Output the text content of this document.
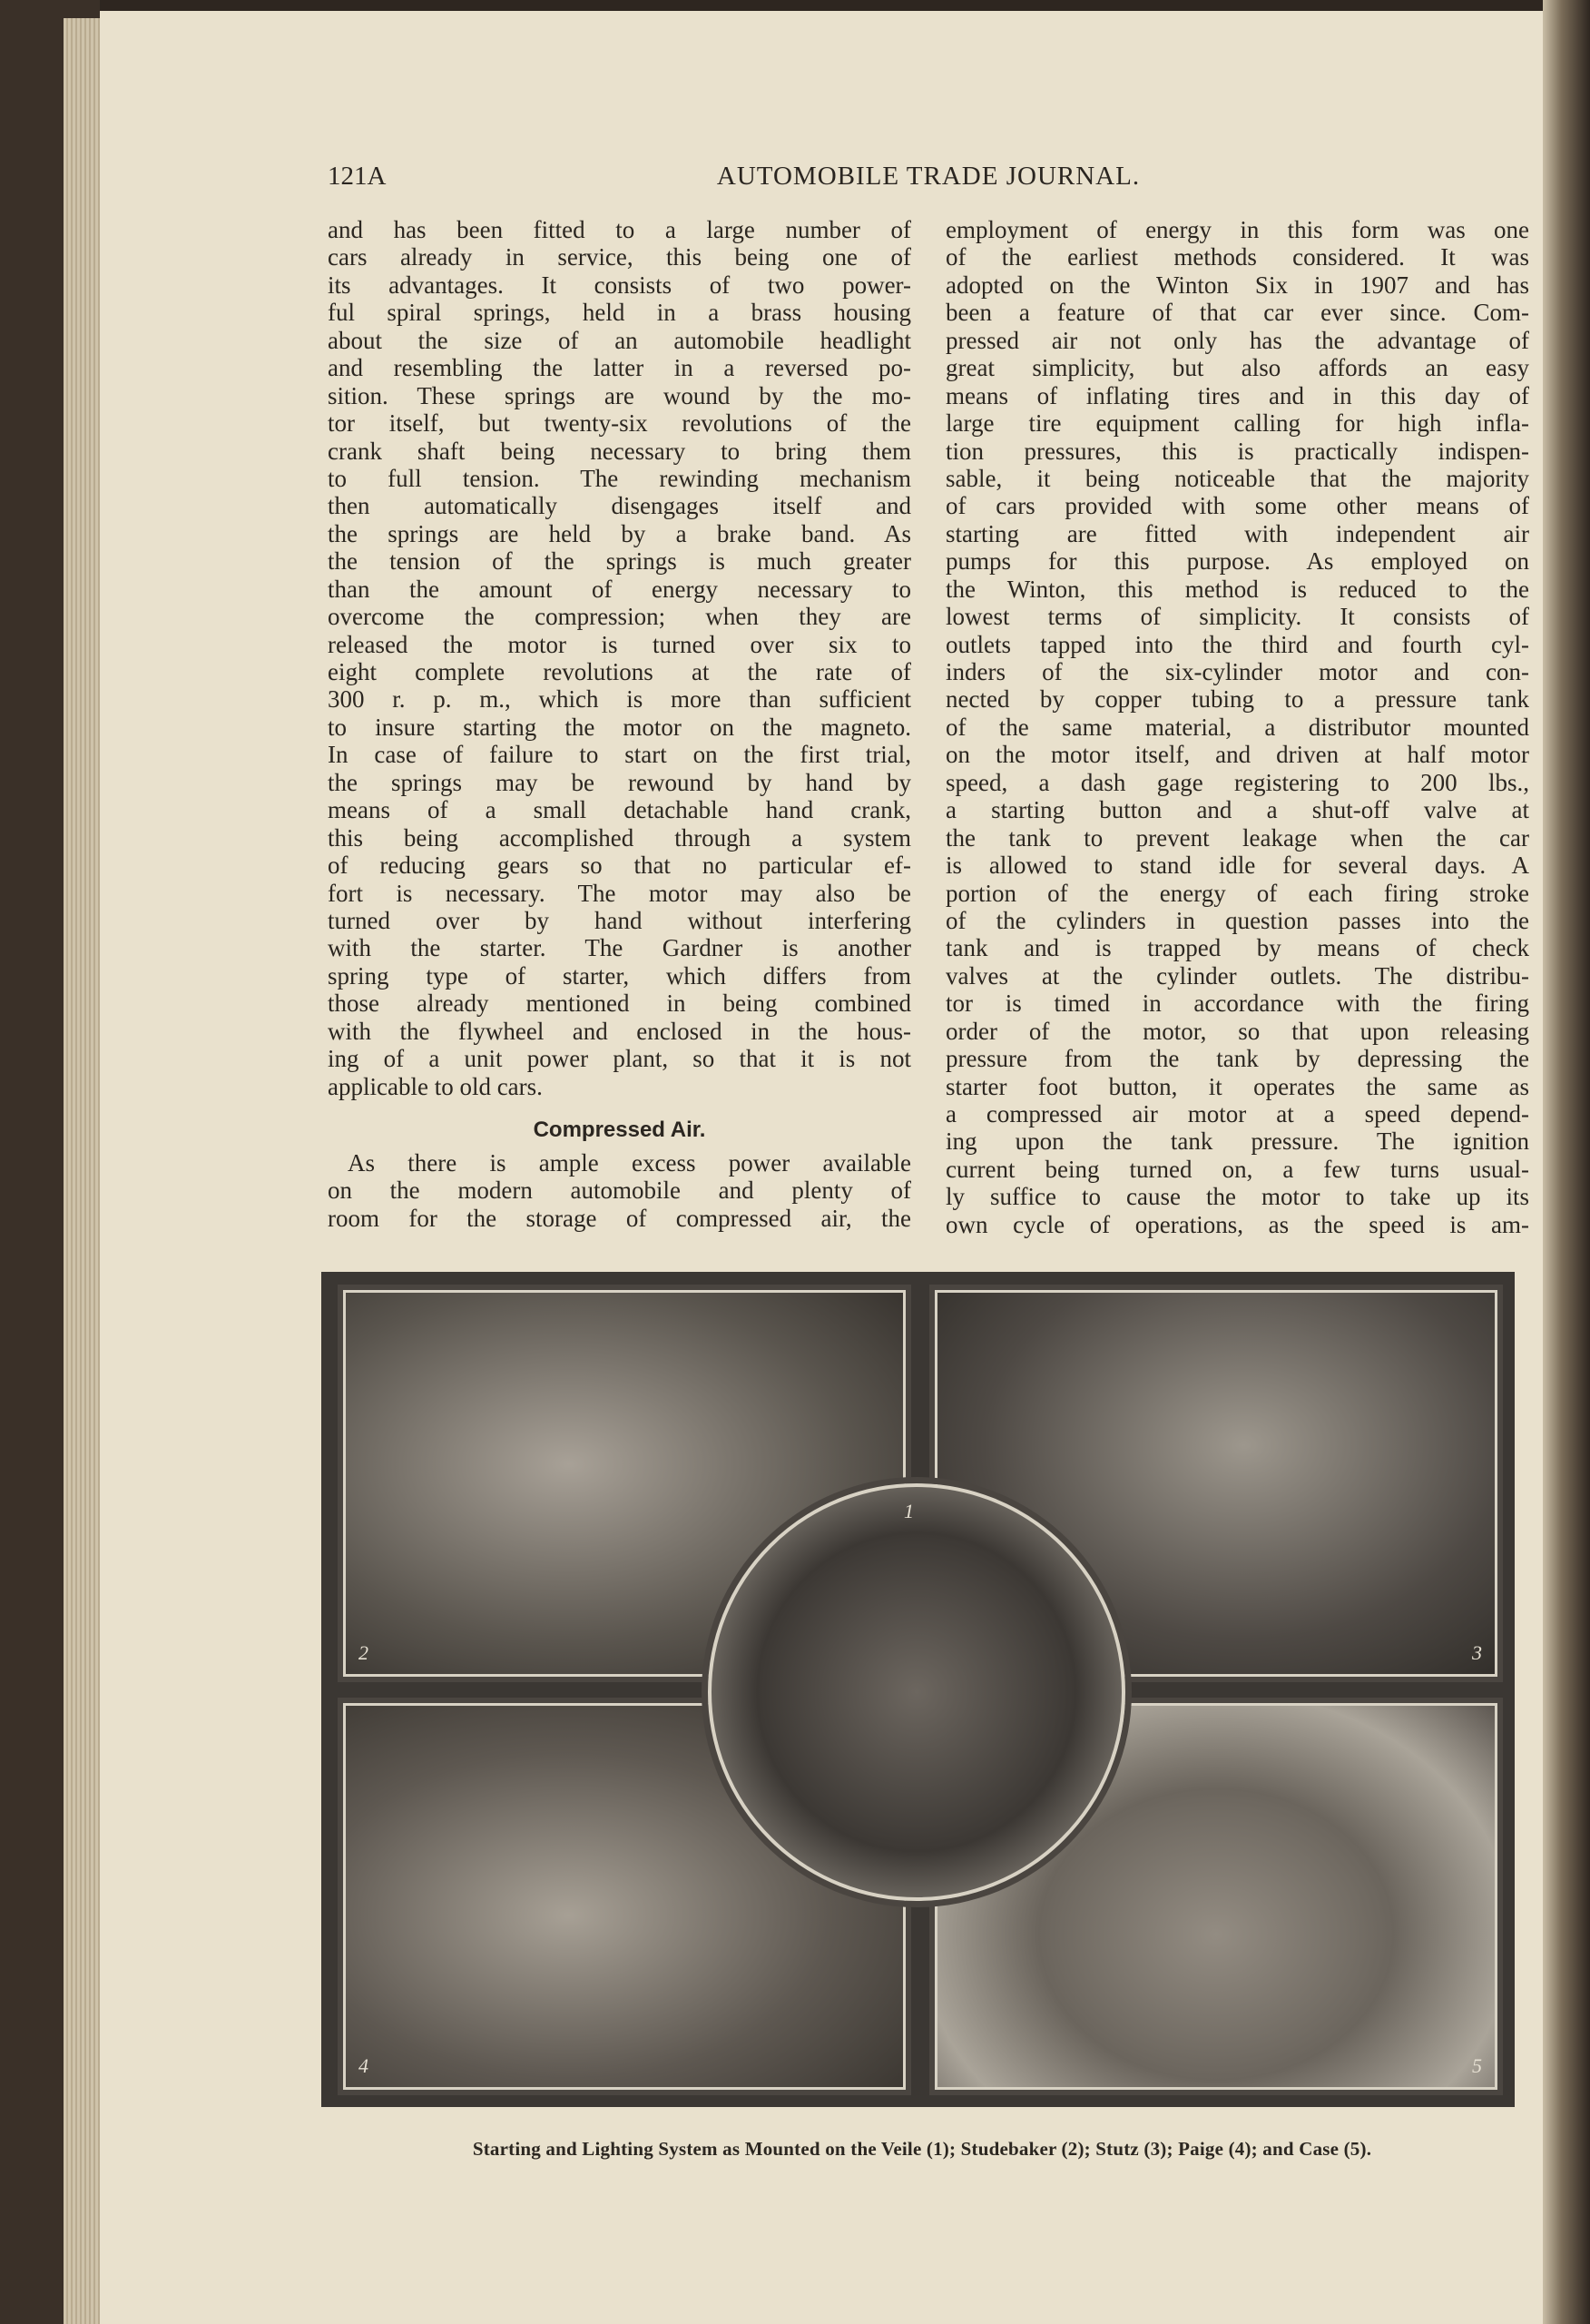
121A	AUTOMOBILE TRADE JOURNAL.
and has been fitted to a large number of
cars already in service, this being one of
its advantages. It consists of two power-
ful spiral springs, held in a brass housing
about the size of an automobile headlight
and resembling the latter in a reversed po-
sition. These springs are wound by the mo-
tor itself, but twenty-six revolutions of the
crank shaft being necessary to bring them
to full tension. The rewinding mechanism
then automatically disengages itself and
the springs are held by a brake band. As
the tension of the springs is much greater
than the amount of energy necessary to
overcome the compression; when they are
released the motor is turned over six to
eight complete revolutions at the rate of
300 r. p. m., which is more than sufficient
to insure starting the motor on the magneto.
In case of failure to start on the first trial,
the springs may be rewound by hand by
means of a small detachable hand crank,
this being accomplished through a system
of reducing gears so that no particular ef-
fort is necessary. The motor may also be
turned over by hand without interfering
with the starter. The Gardner is another
spring type of starter, which differs from
those already mentioned in being combined
with the flywheel and enclosed in the hous-
ing of a unit power plant, so that it is not
applicable to old cars.
Compressed Air.
As there is ample excess power available
on the modern automobile and plenty of
room for the storage of compressed air, the
employment of energy in this form was one
of the earliest methods considered. It was
adopted on the Winton Six in 1907 and has
been a feature of that car ever since. Com-
pressed air not only has the advantage of
great simplicity, but also affords an easy
means of inflating tires and in this day of
large tire equipment calling for high infla-
tion pressures, this is practically indispen-
sable, it being noticeable that the majority
of cars provided with some other means of
starting are fitted with independent air
pumps for this purpose. As employed on
the Winton, this method is reduced to the
lowest terms of simplicity. It consists of
outlets tapped into the third and fourth cyl-
inders of the six-cylinder motor and con-
nected by copper tubing to a pressure tank
of the same material, a distributor mounted
on the motor itself, and driven at half motor
speed, a dash gage registering to 200 lbs.,
a starting button and a shut-off valve at
the tank to prevent leakage when the car
is allowed to stand idle for several days. A
portion of the energy of each firing stroke
of the cylinders in question passes into the
tank and is trapped by means of check
valves at the cylinder outlets. The distribu-
tor is timed in accordance with the firing
order of the motor, so that upon releasing
pressure from the tank by depressing the
starter foot button, it operates the same as
a compressed air motor at a speed depend-
ing upon the tank pressure. The ignition
current being turned on, a few turns usual-
ly suffice to cause the motor to take up its
own cycle of operations, as the speed is am-
2	3
4	5
1
Starting and Lighting System as Mounted on the Veile (1); Studebaker (2); Stutz (3); Paige (4); and Case (5).
